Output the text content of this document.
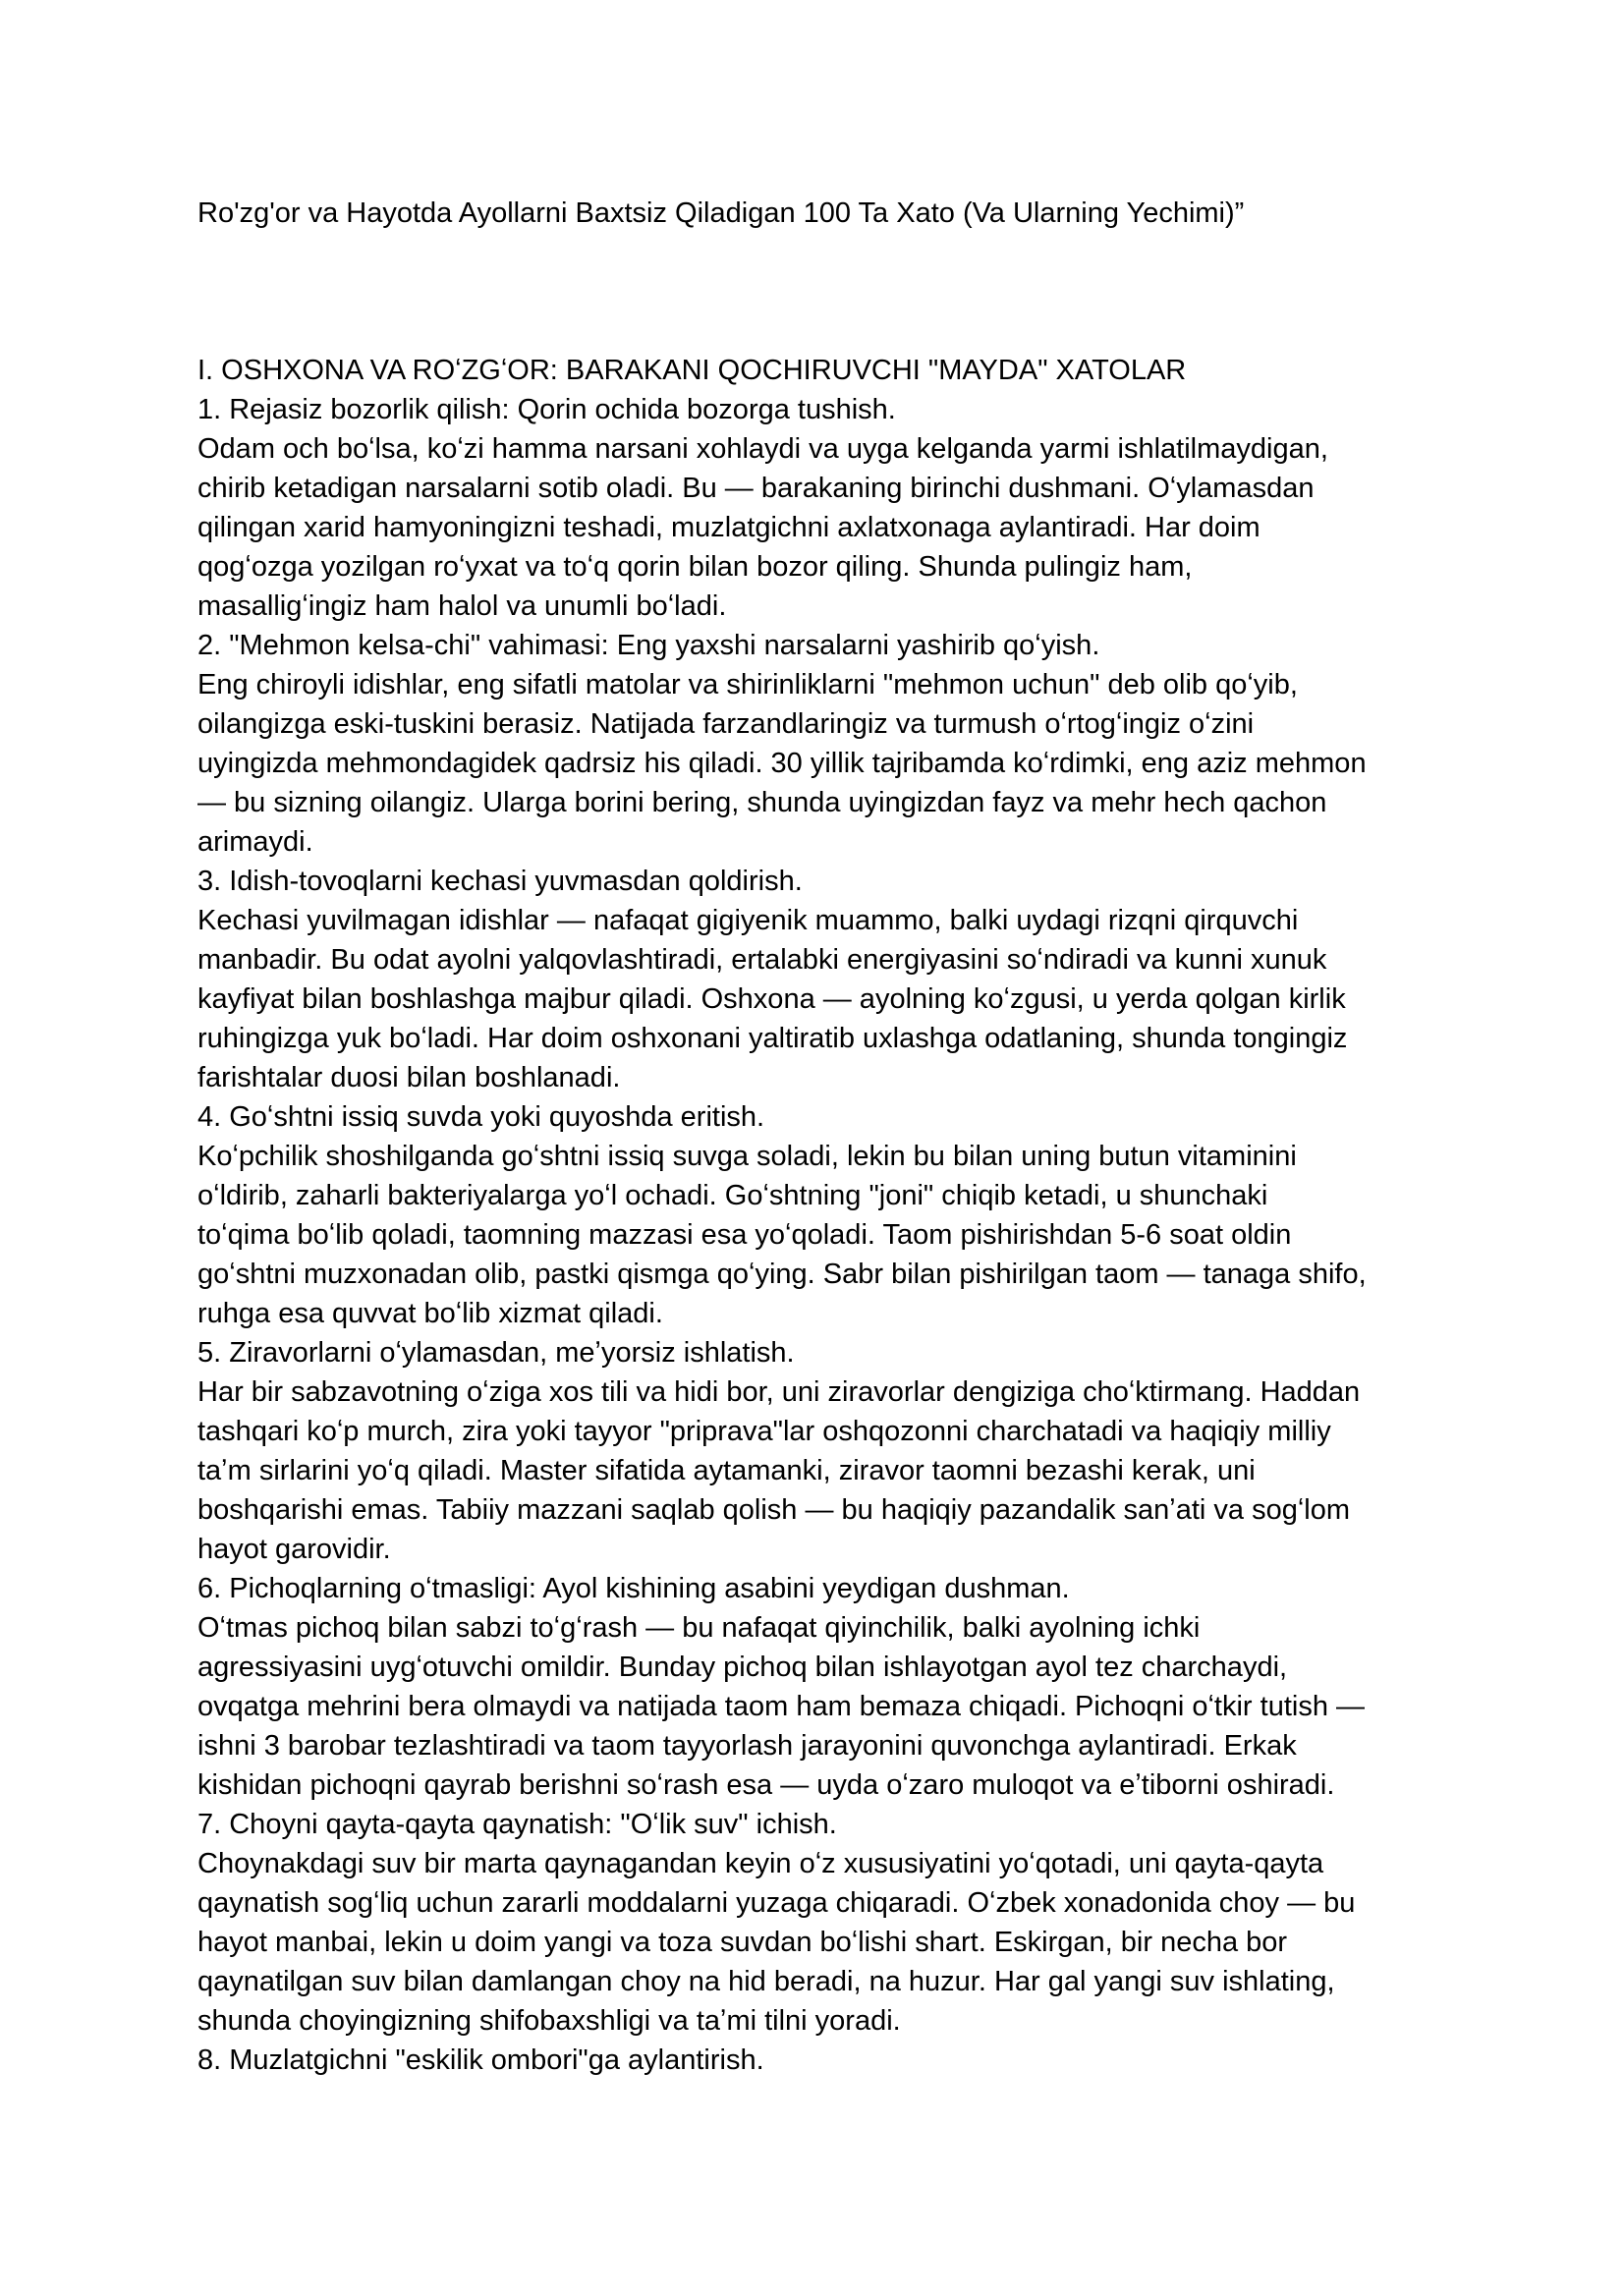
Ro'zg'or va Hayotda Ayollarni Baxtsiz Qiladigan 100 Ta Xato (Va Ularning Yechimi)”
I. OSHXONA VA ROʻZGʻOR: BARAKANI QOCHIRUVCHI "MAYDA" XATOLAR
1. Rejasiz bozorlik qilish: Qorin ochida bozorga tushish.
Odam och boʻlsa, koʻzi hamma narsani xohlaydi va uyga kelganda yarmi ishlatilmaydigan,
chirib ketadigan narsalarni sotib oladi. Bu — barakaning birinchi dushmani. Oʻylamasdan
qilingan xarid hamyoningizni teshadi, muzlatgichni axlatxonaga aylantiradi. Har doim
qogʻozga yozilgan roʻyxat va toʻq qorin bilan bozor qiling. Shunda pulingiz ham,
masalligʻingiz ham halol va unumli boʻladi.
2. "Mehmon kelsa-chi" vahimasi: Eng yaxshi narsalarni yashirib qoʻyish.
Eng chiroyli idishlar, eng sifatli matolar va shirinliklarni "mehmon uchun" deb olib qoʻyib,
oilangizga eski-tuskini berasiz. Natijada farzandlaringiz va turmush oʻrtogʻingiz oʻzini
uyingizda mehmondagidek qadrsiz his qiladi. 30 yillik tajribamda koʻrdimki, eng aziz mehmon
— bu sizning oilangiz. Ularga borini bering, shunda uyingizdan fayz va mehr hech qachon
arimaydi.
3. Idish-tovoqlarni kechasi yuvmasdan qoldirish.
Kechasi yuvilmagan idishlar — nafaqat gigiyenik muammo, balki uydagi rizqni qirquvchi
manbadir. Bu odat ayolni yalqovlashtiradi, ertalabki energiyasini soʻndiradi va kunni xunuk
kayfiyat bilan boshlashga majbur qiladi. Oshxona — ayolning koʻzgusi, u yerda qolgan kirlik
ruhingizga yuk boʻladi. Har doim oshxonani yaltiratib uxlashga odatlaning, shunda tongingiz
farishtalar duosi bilan boshlanadi.
4. Goʻshtni issiq suvda yoki quyoshda eritish.
Koʻpchilik shoshilganda goʻshtni issiq suvga soladi, lekin bu bilan uning butun vitaminini
oʻldirib, zaharli bakteriyalarga yoʻl ochadi. Goʻshtning "joni" chiqib ketadi, u shunchaki
toʻqima boʻlib qoladi, taomning mazzasi esa yoʻqoladi. Taom pishirishdan 5-6 soat oldin
goʻshtni muzxonadan olib, pastki qismga qoʻying. Sabr bilan pishirilgan taom — tanaga shifo,
ruhga esa quvvat boʻlib xizmat qiladi.
5. Ziravorlarni oʻylamasdan, meʼyorsiz ishlatish.
Har bir sabzavotning oʻziga xos tili va hidi bor, uni ziravorlar dengiziga choʻktirmang. Haddan
tashqari koʻp murch, zira yoki tayyor "priprava"lar oshqozonni charchatadi va haqiqiy milliy
taʼm sirlarini yoʻq qiladi. Master sifatida aytamanki, ziravor taomni bezashi kerak, uni
boshqarishi emas. Tabiiy mazzani saqlab qolish — bu haqiqiy pazandalik sanʼati va sogʻlom
hayot garovidir.
6. Pichoqlarning oʻtmasligi: Ayol kishining asabini yeydigan dushman.
Oʻtmas pichoq bilan sabzi toʻgʻrash — bu nafaqat qiyinchilik, balki ayolning ichki
agressiyasini uygʻotuvchi omildir. Bunday pichoq bilan ishlayotgan ayol tez charchaydi,
ovqatga mehrini bera olmaydi va natijada taom ham bemaza chiqadi. Pichoqni oʻtkir tutish —
ishni 3 barobar tezlashtiradi va taom tayyorlash jarayonini quvonchga aylantiradi. Erkak
kishidan pichoqni qayrab berishni soʻrash esa — uyda oʻzaro muloqot va eʼtiborni oshiradi.
7. Choyni qayta-qayta qaynatish: "Oʻlik suv" ichish.
Choynakdagi suv bir marta qaynagandan keyin oʻz xususiyatini yoʻqotadi, uni qayta-qayta
qaynatish sogʻliq uchun zararli moddalarni yuzaga chiqaradi. Oʻzbek xonadonida choy — bu
hayot manbai, lekin u doim yangi va toza suvdan boʻlishi shart. Eskirgan, bir necha bor
qaynatilgan suv bilan damlangan choy na hid beradi, na huzur. Har gal yangi suv ishlating,
shunda choyingizning shifobaxshligi va taʼmi tilni yoradi.
8. Muzlatgichni "eskilik ombori"ga aylantirish.
